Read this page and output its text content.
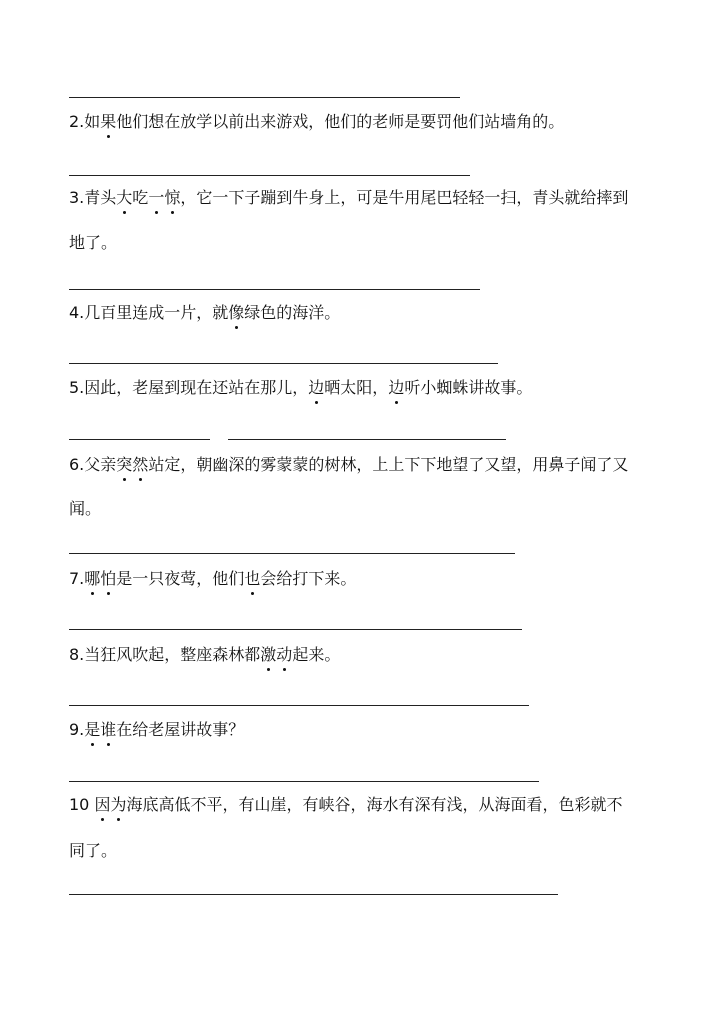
2.如果他们想在放学以前出来游戏，他们的老师是要罚他们站墙角的。

3.青头大吃一惊，它一下子蹦到牛身上，可是牛用尾巴轻轻一扫，青头就给摔到

地了。

4.几百里连成一片，就像绿色的海洋。

5.因此，老屋到现在还站在那儿，边晒太阳，边听小蜘蛛讲故事。

6.父亲突然站定，朝幽深的雾蒙蒙的树林，上上下下地望了又望，用鼻子闻了又

闻。

7.哪怕是一只夜莺，他们也会给打下来。

8.当狂风吹起，整座森林都激动起来。

9.是谁在给老屋讲故事？

10 因为海底高低不平，有山崖，有峡谷，海水有深有浅，从海面看，色彩就不

同了。
